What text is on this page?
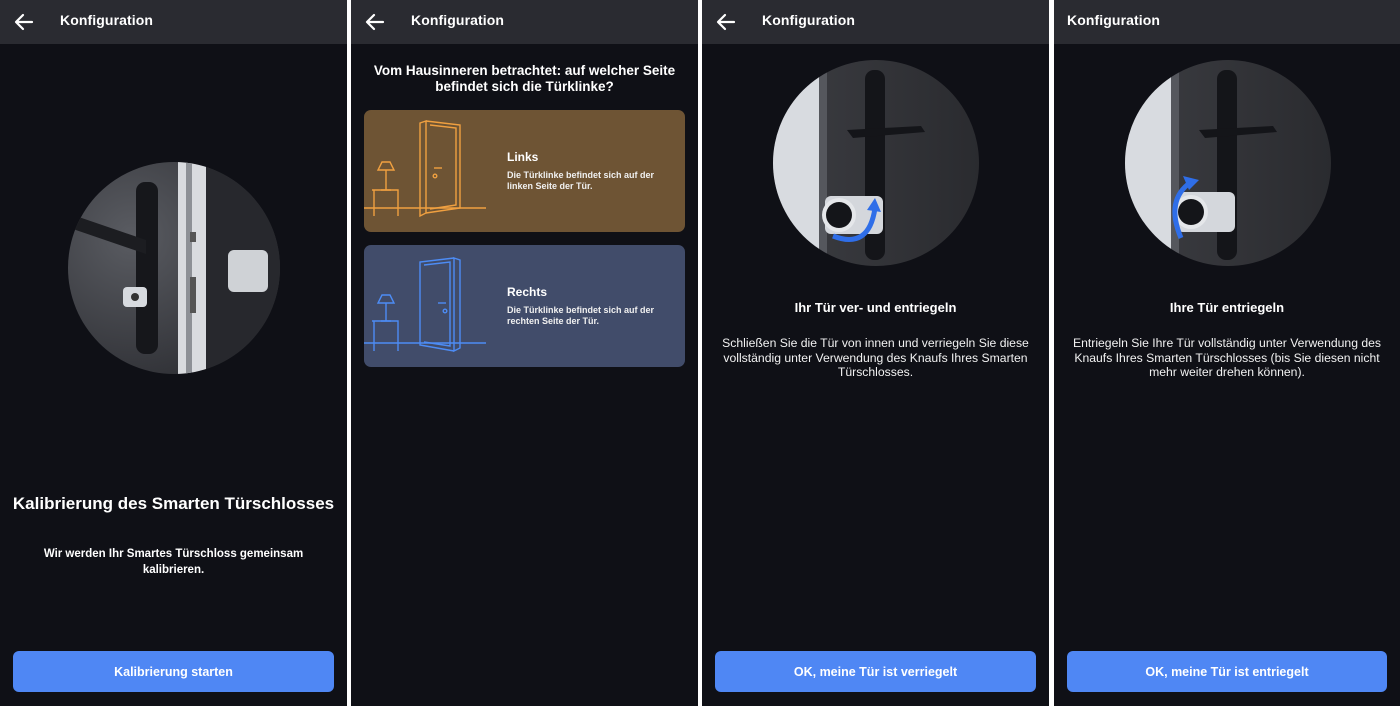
Konfiguration
Kalibrierung des Smarten Türschlosses
Wir werden Ihr Smartes Türschloss gemeinsam kalibrieren.
Kalibrierung starten
Konfiguration
Vom Hausinneren betrachtet: auf welcher Seite befindet sich die Türklinke?
Links
Die Türklinke befindet sich auf der linken Seite der Tür.
Rechts
Die Türklinke befindet sich auf der rechten Seite der Tür.
Konfiguration
Ihr Tür ver- und entriegeln
Schließen Sie die Tür von innen und verriegeln Sie diese vollständig unter Verwendung des Knaufs Ihres Smarten Türschlosses.
OK, meine Tür ist verriegelt
Konfiguration
Ihre Tür entriegeln
Entriegeln Sie Ihre Tür vollständig unter Verwendung des Knaufs Ihres Smarten Türschlosses (bis Sie diesen nicht mehr weiter drehen können).
OK, meine Tür ist entriegelt
